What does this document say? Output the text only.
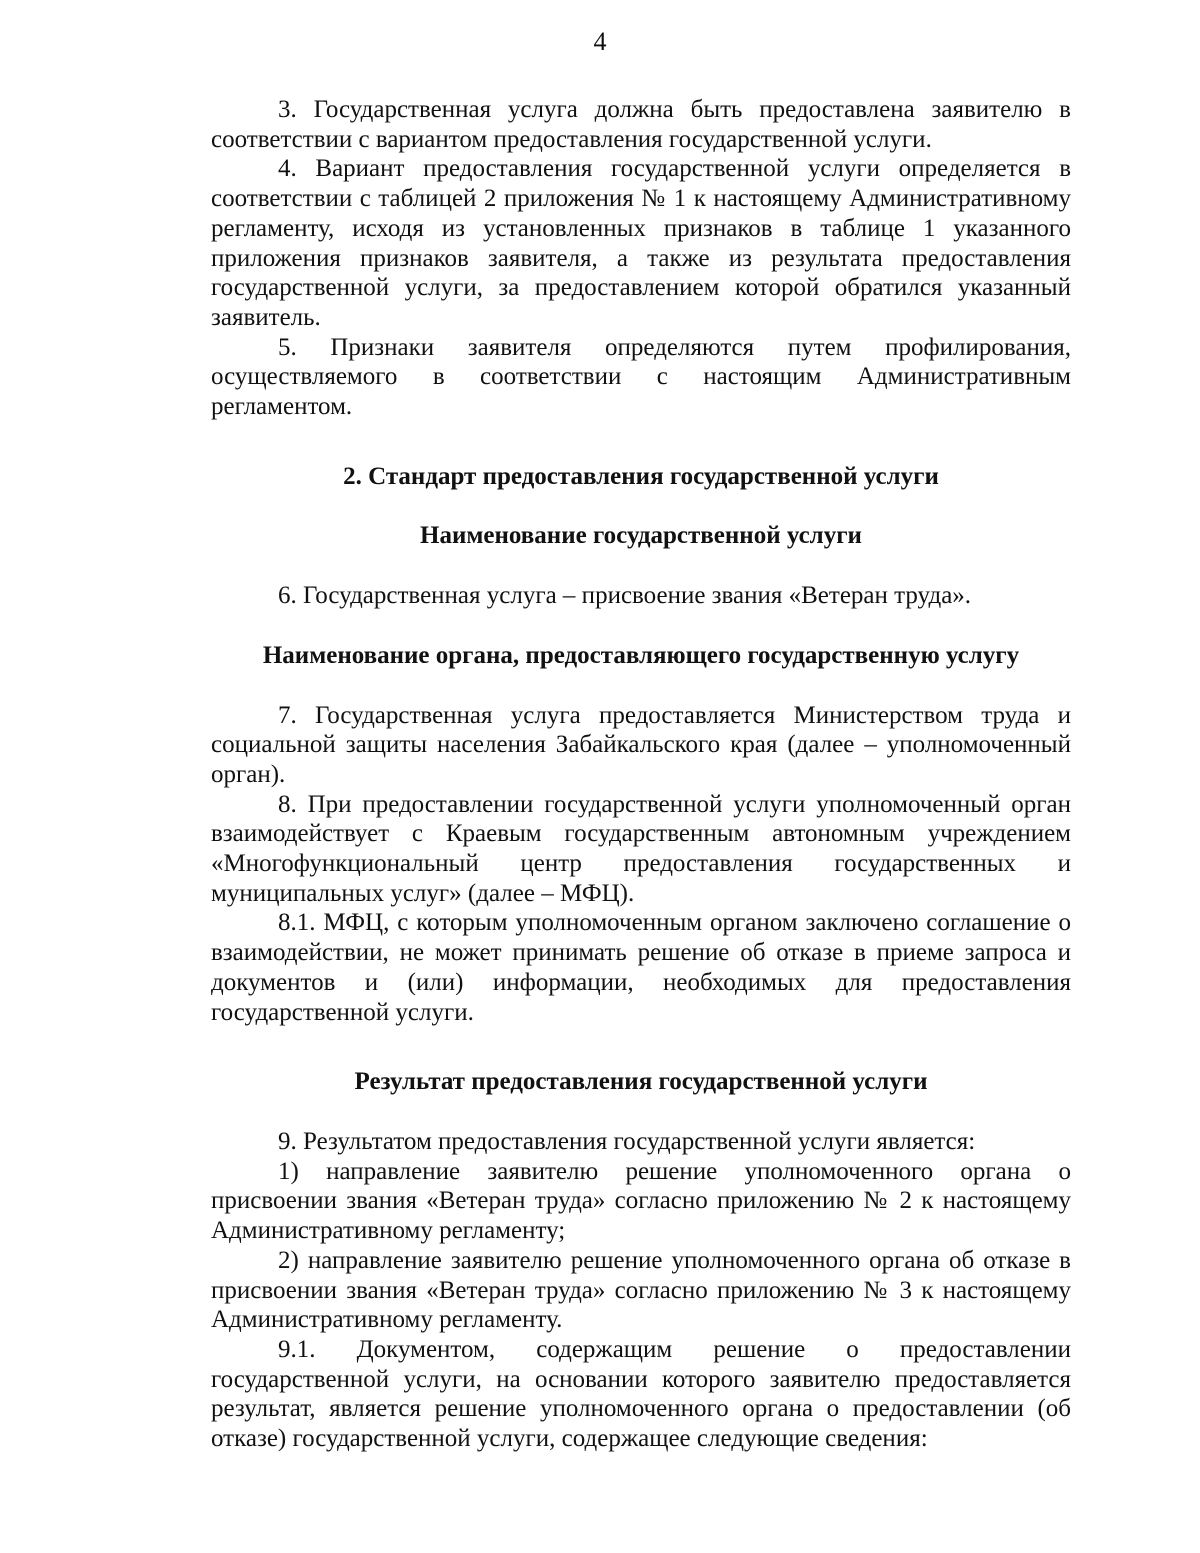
4

3. Государственная услуга должна быть предоставлена заявителю в соответствии с вариантом предоставления государственной услуги.

4. Вариант предоставления государственной услуги определяется в соответствии с таблицей 2 приложения № 1 к настоящему Административному регламенту, исходя из установленных признаков в таблице 1 указанного приложения признаков заявителя, а также из результата предоставления государственной услуги, за предоставлением которой обратился указанный заявитель.

5. Признаки заявителя определяются путем профилирования, осуществляемого в соответствии с настоящим Административным регламентом.

2. Стандарт предоставления государственной услуги

Наименование государственной услуги

6. Государственная услуга – присвоение звания «Ветеран труда».

Наименование органа, предоставляющего государственную услугу

7. Государственная услуга предоставляется Министерством труда и социальной защиты населения Забайкальского края (далее – уполномоченный орган).

8. При предоставлении государственной услуги уполномоченный орган взаимодействует с Краевым государственным автономным учреждением «Многофункциональный центр предоставления государственных и муниципальных услуг» (далее – МФЦ).

8.1. МФЦ, с которым уполномоченным органом заключено соглашение о взаимодействии, не может принимать решение об отказе в приеме запроса и документов и (или) информации, необходимых для предоставления государственной услуги.

Результат предоставления государственной услуги

9. Результатом предоставления государственной услуги является:

1) направление заявителю решение уполномоченного органа о присвоении звания «Ветеран труда» согласно приложению № 2 к настоящему Административному регламенту;

2) направление заявителю решение уполномоченного органа об отказе в присвоении звания «Ветеран труда» согласно приложению № 3 к настоящему Административному регламенту.

9.1. Документом, содержащим решение о предоставлении государственной услуги, на основании которого заявителю предоставляется результат, является решение уполномоченного органа о предоставлении (об отказе) государственной услуги, содержащее следующие сведения:
